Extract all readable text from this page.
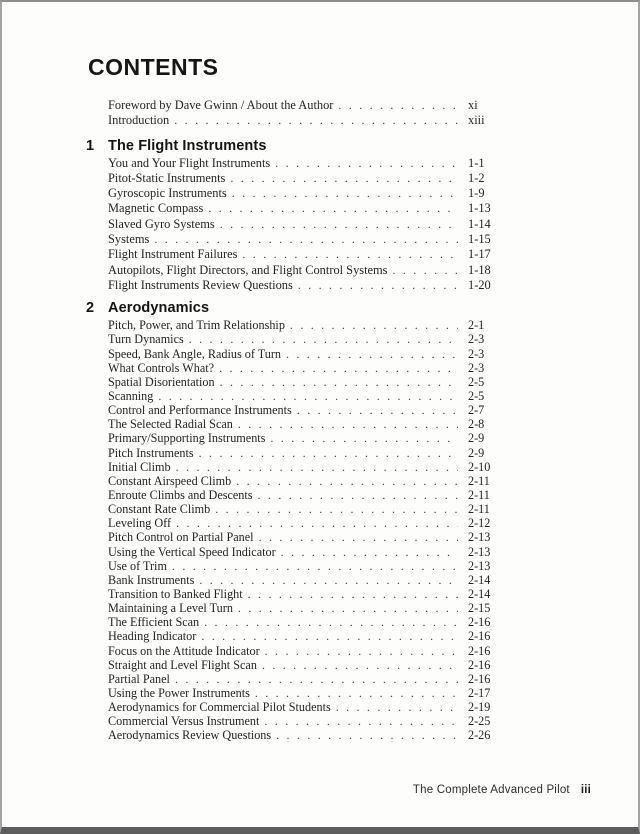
CONTENTS
Foreword by Dave Gwinn / About the Author . . .	xi
Introduction . . .	xiii
1 The Flight Instruments
You and Your Flight Instruments . . .	1-1
Pitot-Static Instruments . . .	1-2
Gyroscopic Instruments . . .	1-9
Magnetic Compass . . .	1-13
Slaved Gyro Systems . . .	1-14
Systems . . .	1-15
Flight Instrument Failures . . .	1-17
Autopilots, Flight Directors, and Flight Control Systems . . .	1-18
Flight Instruments Review Questions . . .	1-20
2 Aerodynamics
Pitch, Power, and Trim Relationship . . .	2-1
Turn Dynamics . . .	2-3
Speed, Bank Angle, Radius of Turn . . .	2-3
What Controls What? . . .	2-3
Spatial Disorientation . . .	2-5
Scanning . . .	2-5
Control and Performance Instruments . . .	2-7
The Selected Radial Scan . . .	2-8
Primary/Supporting Instruments . . .	2-9
Pitch Instruments . . .	2-9
Initial Climb . . .	2-10
Constant Airspeed Climb . . .	2-11
Enroute Climbs and Descents . . .	2-11
Constant Rate Climb . . .	2-11
Leveling Off . . .	2-12
Pitch Control on Partial Panel . . .	2-13
Using the Vertical Speed Indicator . . .	2-13
Use of Trim . . .	2-13
Bank Instruments . . .	2-14
Transition to Banked Flight . . .	2-14
Maintaining a Level Turn . . .	2-15
The Efficient Scan . . .	2-16
Heading Indicator . . .	2-16
Focus on the Attitude Indicator . . .	2-16
Straight and Level Flight Scan . . .	2-16
Partial Panel . . .	2-16
Using the Power Instruments . . .	2-17
Aerodynamics for Commercial Pilot Students . . .	2-19
Commercial Versus Instrument . . .	2-25
Aerodynamics Review Questions . . .	2-26
The Complete Advanced Pilot iii
